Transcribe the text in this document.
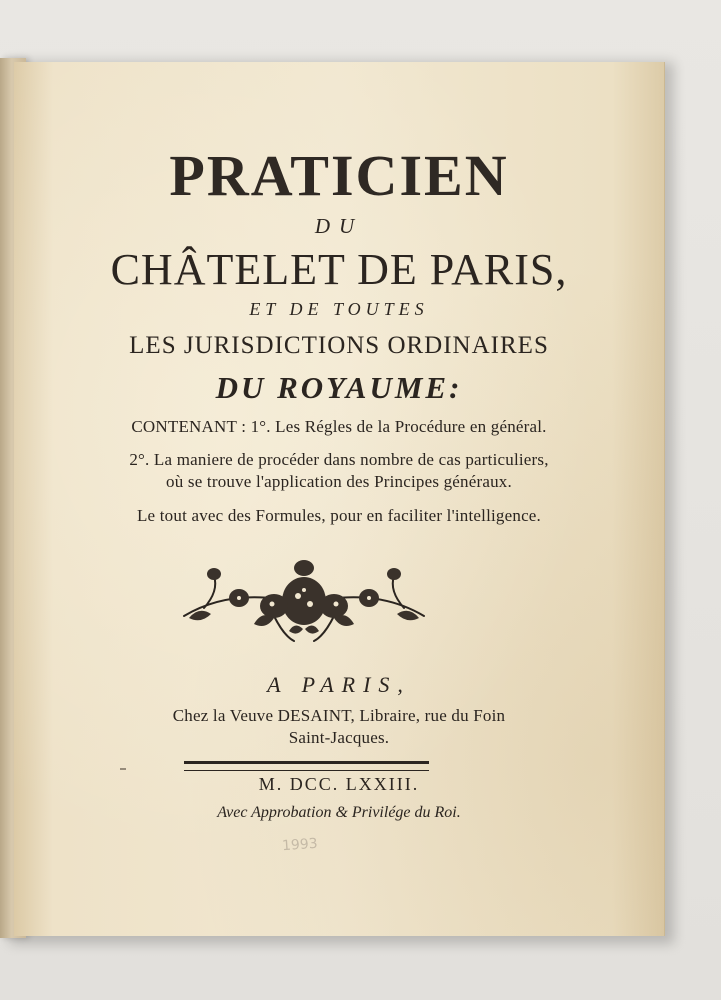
PRATICIEN
DU
CHÂTELET DE PARIS,
ET DE TOUTES
LES JURISDICTIONS ORDINAIRES
DU ROYAUME:
CONTENANT : 1°. Les Régles de la Procédure en général.
2°. La maniere de procéder dans nombre de cas particuliers,
où se trouve l'application des Principes généraux.
Le tout avec des Formules, pour en faciliter l'intelligence.
A PARIS,
Chez la Veuve DESAINT, Libraire, rue du Foin
Saint-Jacques.
M. DCC. LXXIII.
Avec Approbation & Privilége du Roi.
1993
